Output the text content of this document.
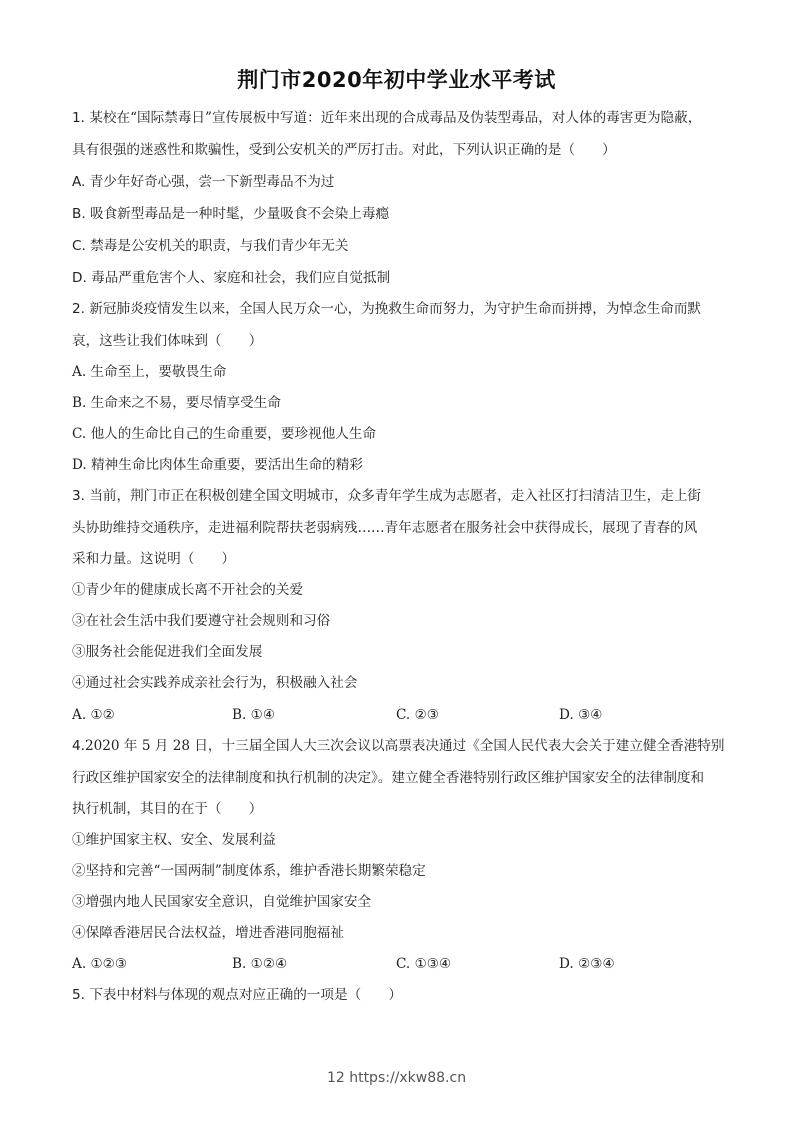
荆门市2020年初中学业水平考试
1. 某校在“国际禁毒日”宣传展板中写道：近年来出现的合成毒品及伪装型毒品，对人体的毒害更为隐蔽，
具有很强的迷惑性和欺骗性，受到公安机关的严厉打击。对此，下列认识正确的是（　　）
A. 青少年好奇心强，尝一下新型毒品不为过
B. 吸食新型毒品是一种时髦，少量吸食不会染上毒瘾
C. 禁毒是公安机关的职责，与我们青少年无关
D. 毒品严重危害个人、家庭和社会，我们应自觉抵制
2. 新冠肺炎疫情发生以来，全国人民万众一心，为挽救生命而努力，为守护生命而拼搏，为悼念生命而默
哀，这些让我们体味到（　　）
A. 生命至上，要敬畏生命
B. 生命来之不易，要尽情享受生命
C. 他人的生命比自己的生命重要，要珍视他人生命
D. 精神生命比肉体生命重要，要活出生命的精彩
3. 当前，荆门市正在积极创建全国文明城市，众多青年学生成为志愿者，走入社区打扫清洁卫生，走上街
头协助维持交通秩序，走进福利院帮扶老弱病残……青年志愿者在服务社会中获得成长，展现了青春的风
采和力量。这说明（　　）
①青少年的健康成长离不开社会的关爱
③在社会生活中我们要遵守社会规则和习俗
③服务社会能促进我们全面发展
④通过社会实践养成亲社会行为，积极融入社会
A. ①②	B. ①④	C. ②③	D. ③④
4.2020 年 5 月 28 日，十三届全国人大三次会议以高票表决通过《全国人民代表大会关于建立健全香港特别
行政区维护国家安全的法律制度和执行机制的决定》。建立健全香港特别行政区维护国家安全的法律制度和
执行机制，其目的在于（　　）
①维护国家主权、安全、发展利益
②坚持和完善“一国两制”制度体系，维护香港长期繁荣稳定
③增强内地人民国家安全意识，自觉维护国家安全
④保障香港居民合法权益，增进香港同胞福祉
A. ①②③	B. ①②④	C. ①③④	D. ②③④
5. 下表中材料与体现的观点对应正确的一项是（　　）
12 https://xkw88.cn
